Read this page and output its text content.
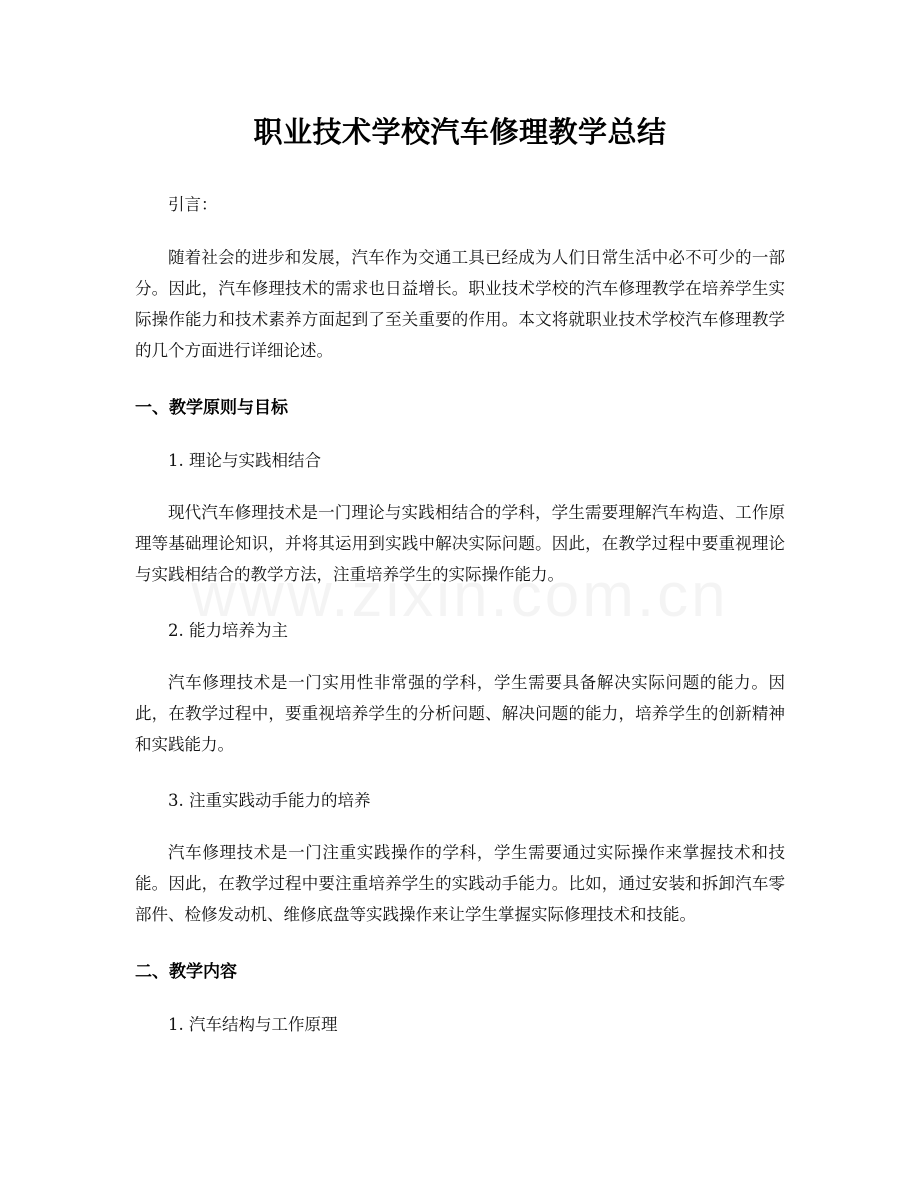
职业技术学校汽车修理教学总结

引言：

随着社会的进步和发展，汽车作为交通工具已经成为人们日常生活中必不可少的一部分。因此，汽车修理技术的需求也日益增长。职业技术学校的汽车修理教学在培养学生实际操作能力和技术素养方面起到了至关重要的作用。本文将就职业技术学校汽车修理教学的几个方面进行详细论述。

一、教学原则与目标

1. 理论与实践相结合

现代汽车修理技术是一门理论与实践相结合的学科，学生需要理解汽车构造、工作原理等基础理论知识，并将其运用到实践中解决实际问题。因此，在教学过程中要重视理论与实践相结合的教学方法，注重培养学生的实际操作能力。

2. 能力培养为主

汽车修理技术是一门实用性非常强的学科，学生需要具备解决实际问题的能力。因此，在教学过程中，要重视培养学生的分析问题、解决问题的能力，培养学生的创新精神和实践能力。

3. 注重实践动手能力的培养

汽车修理技术是一门注重实践操作的学科，学生需要通过实际操作来掌握技术和技能。因此，在教学过程中要注重培养学生的实践动手能力。比如，通过安装和拆卸汽车零部件、检修发动机、维修底盘等实践操作来让学生掌握实际修理技术和技能。

二、教学内容

1. 汽车结构与工作原理
